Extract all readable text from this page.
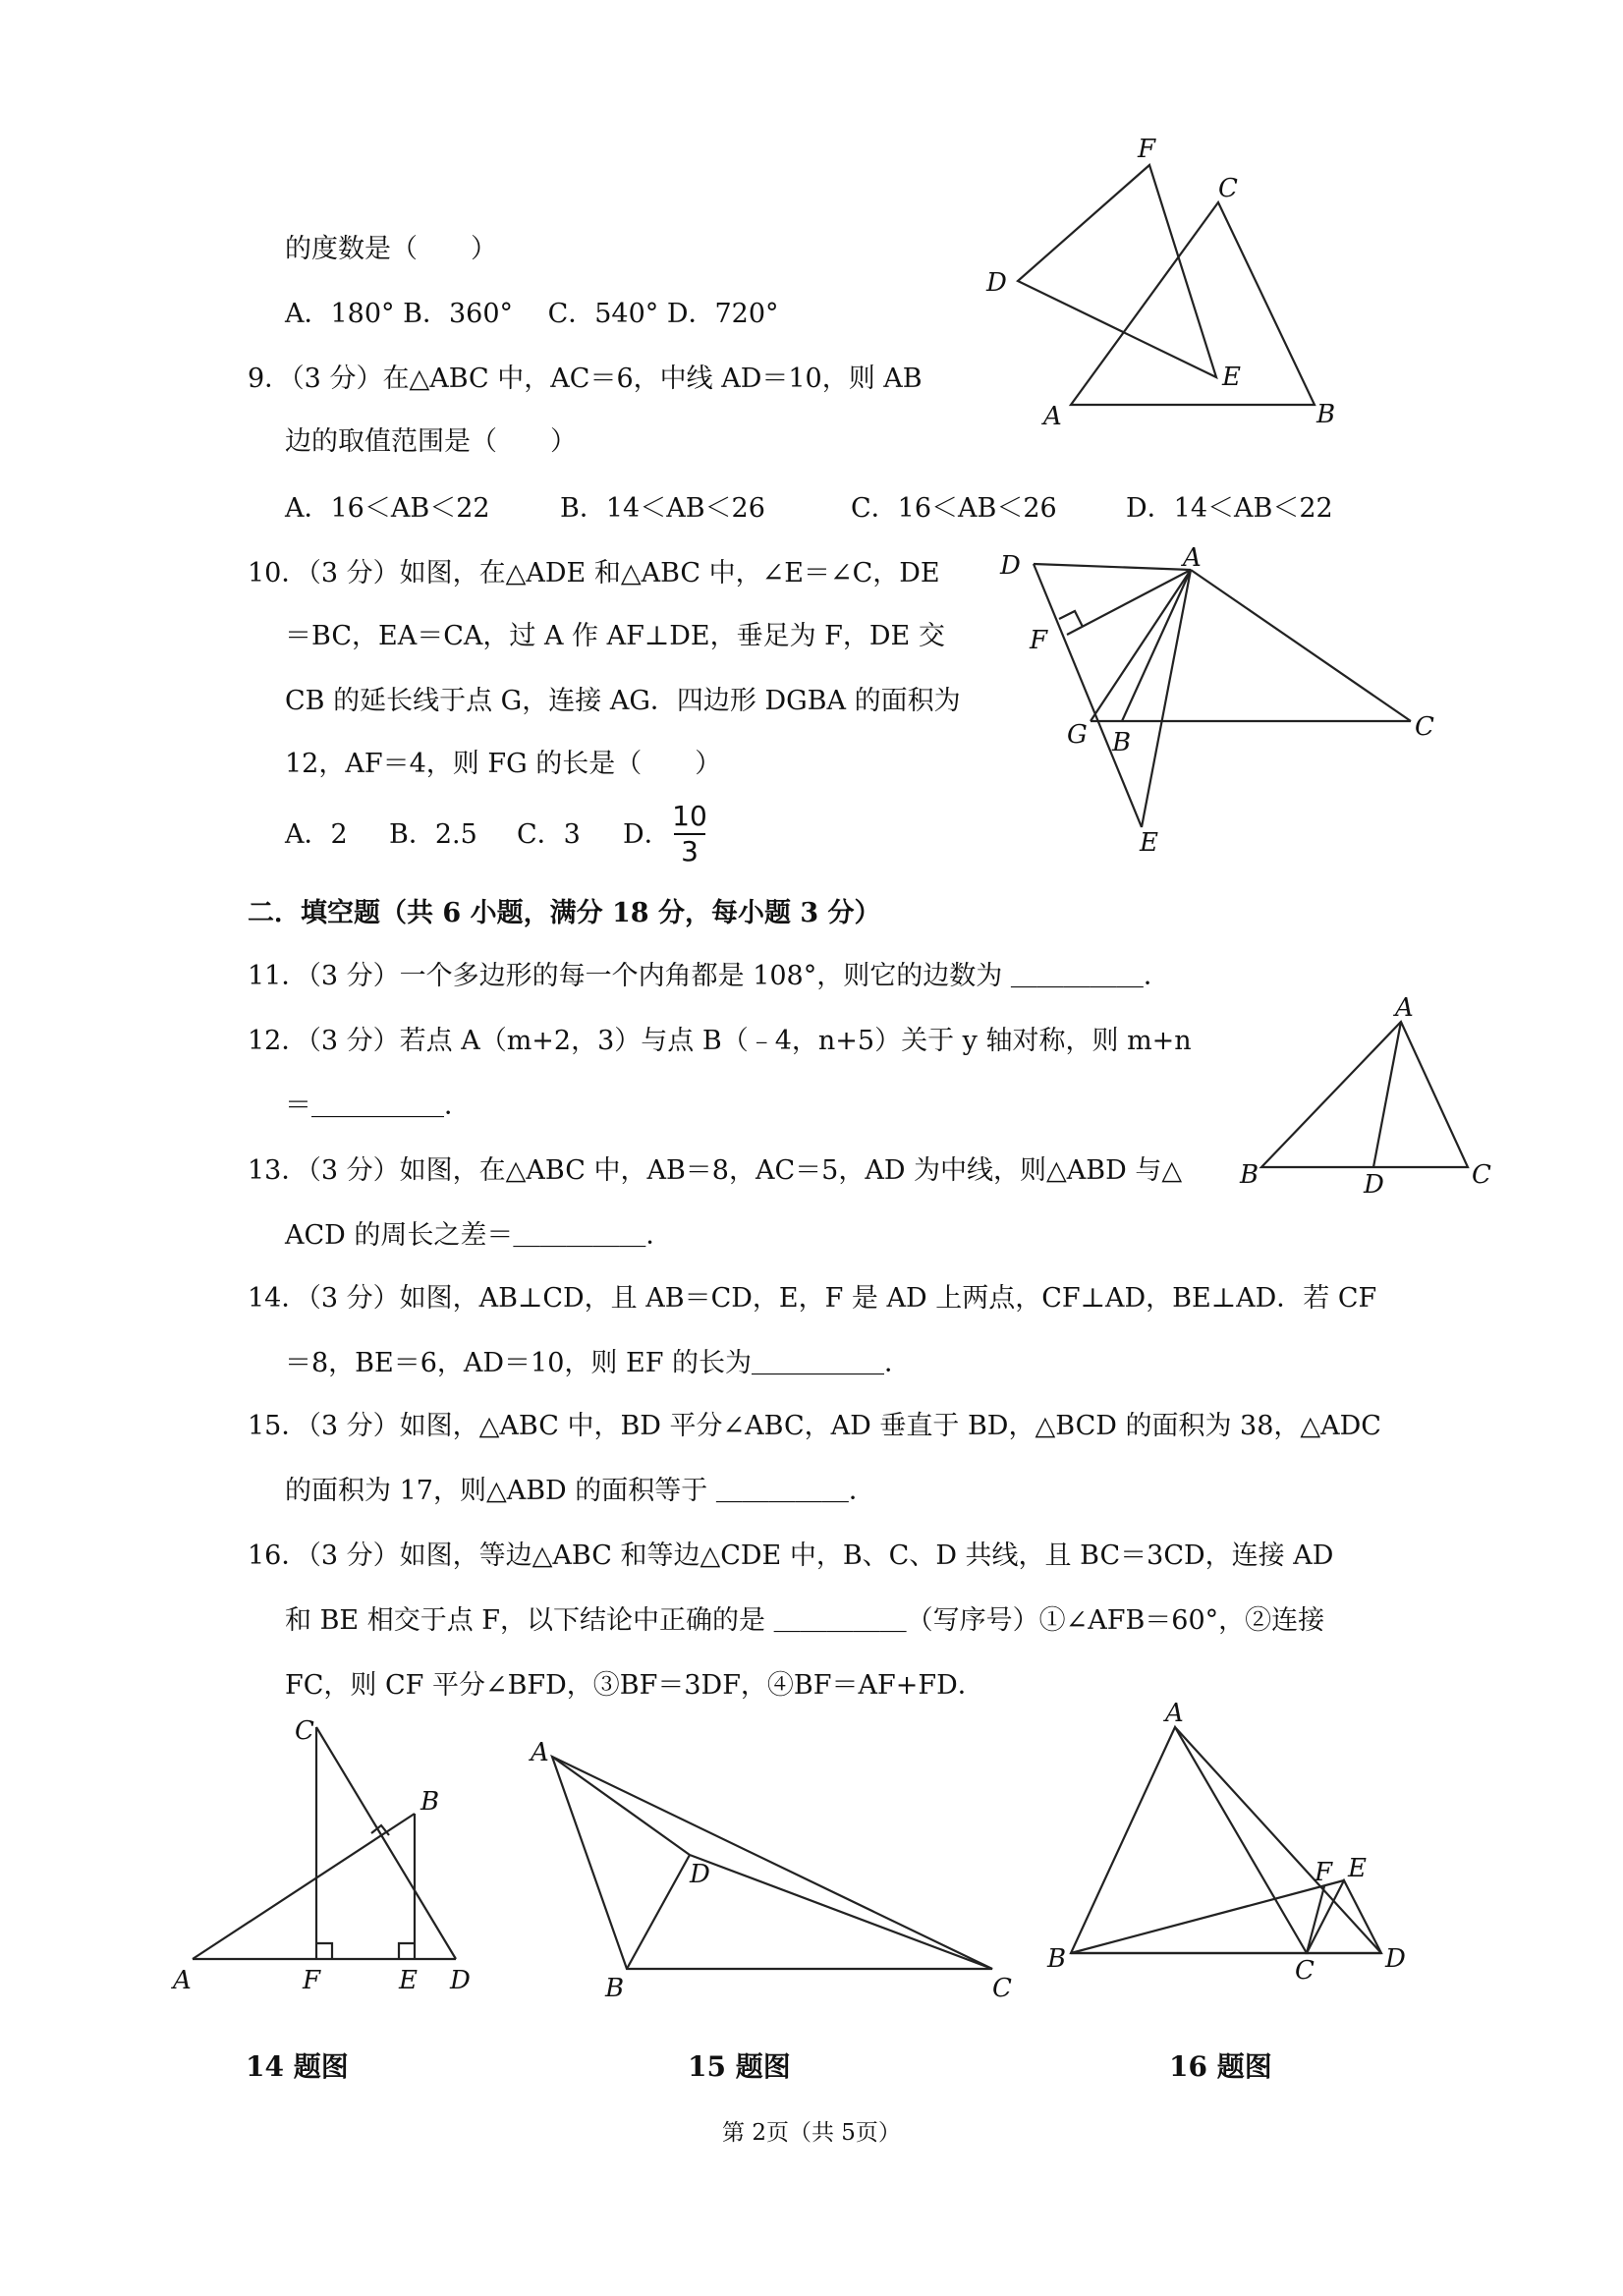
的度数是（　　）
A．180° B．360°　 C．540° D．720°
9．（3 分）在△ABC 中，AC＝6，中线 AD＝10，则 AB
边的取值范围是（　　）
A．16＜AB＜22	B．14＜AB＜26	C．16＜AB＜26	D．14＜AB＜22
10．（3 分）如图，在△ADE 和△ABC 中，∠E＝∠C，DE
＝BC，EA＝CA，过 A 作 AF⊥DE，垂足为 F，DE 交
CB 的延长线于点 G，连接 AG．四边形 DGBA 的面积为
12，AF＝4，则 FG 的长是（　　）
A．2 B．2.5 C．3 D．
10
3
二．填空题（共 6 小题，满分 18 分，每小题 3 分）
11．（3 分）一个多边形的每一个内角都是 108°，则它的边数为 ＿＿＿＿＿．
12．（3 分）若点 A（m+2，3）与点 B（﹣4，n+5）关于 y 轴对称，则 m+n
＝＿＿＿＿＿．
13．（3 分）如图，在△ABC 中，AB＝8，AC＝5，AD 为中线，则△ABD 与△
ACD 的周长之差＝＿＿＿＿＿．
14．（3 分）如图，AB⊥CD，且 AB＝CD，E，F 是 AD 上两点，CF⊥AD，BE⊥AD．若 CF
＝8，BE＝6，AD＝10，则 EF 的长为＿＿＿＿＿．
15．（3 分）如图，△ABC 中，BD 平分∠ABC，AD 垂直于 BD，△BCD 的面积为 38，△ADC
的面积为 17，则△ABD 的面积等于 ＿＿＿＿＿．
16．（3 分）如图，等边△ABC 和等边△CDE 中，B、C、D 共线，且 BC＝3CD，连接 AD
和 BE 相交于点 F，以下结论中正确的是 ＿＿＿＿＿（写序号）①∠AFB＝60°，②连接
FC，则 CF 平分∠BFD，③BF＝3DF，④BF＝AF+FD．
F
C
D
E
A	B
D	A
F
G B
C
E
A
B	D	C
C
B
A	F	E D
A
D
B	C
A
F E
B	C	D
14 题图	15 题图	16 题图
第 2页（共 5页）
